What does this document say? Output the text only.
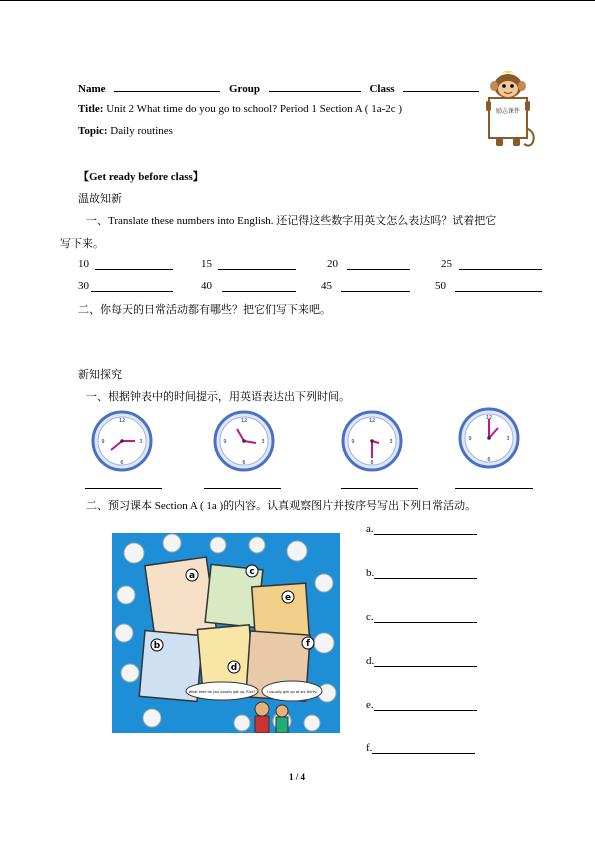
Name	Group	Class
Title: Unit 2 What time do you go to school? Period 1 Section A ( 1a-2c )
Topic: Daily routines
励志课件
【Get ready before class】
温故知新
一、Translate these numbers into English. 还记得这些数字用英文怎么表达吗？试着把它
写下来。
10	15	20	25
30	40	45	50
二、你每天的日常活动都有哪些？把它们写下来吧。
新知探究
一、根据钟表中的时间提示，用英语表达出下列时间。
12
3
6
9
12
3
6
9
12
3
6
9
12
3
6
9
二、预习课本 Section A ( 1a )的内容。认真观察图片并按序号写出下列日常活动。
a
b
c
d
e
f
What time do you usually get up, Rick?	I usually get up at six thirty.
a.
b.
c.
d.
e.
f.
1 / 4
